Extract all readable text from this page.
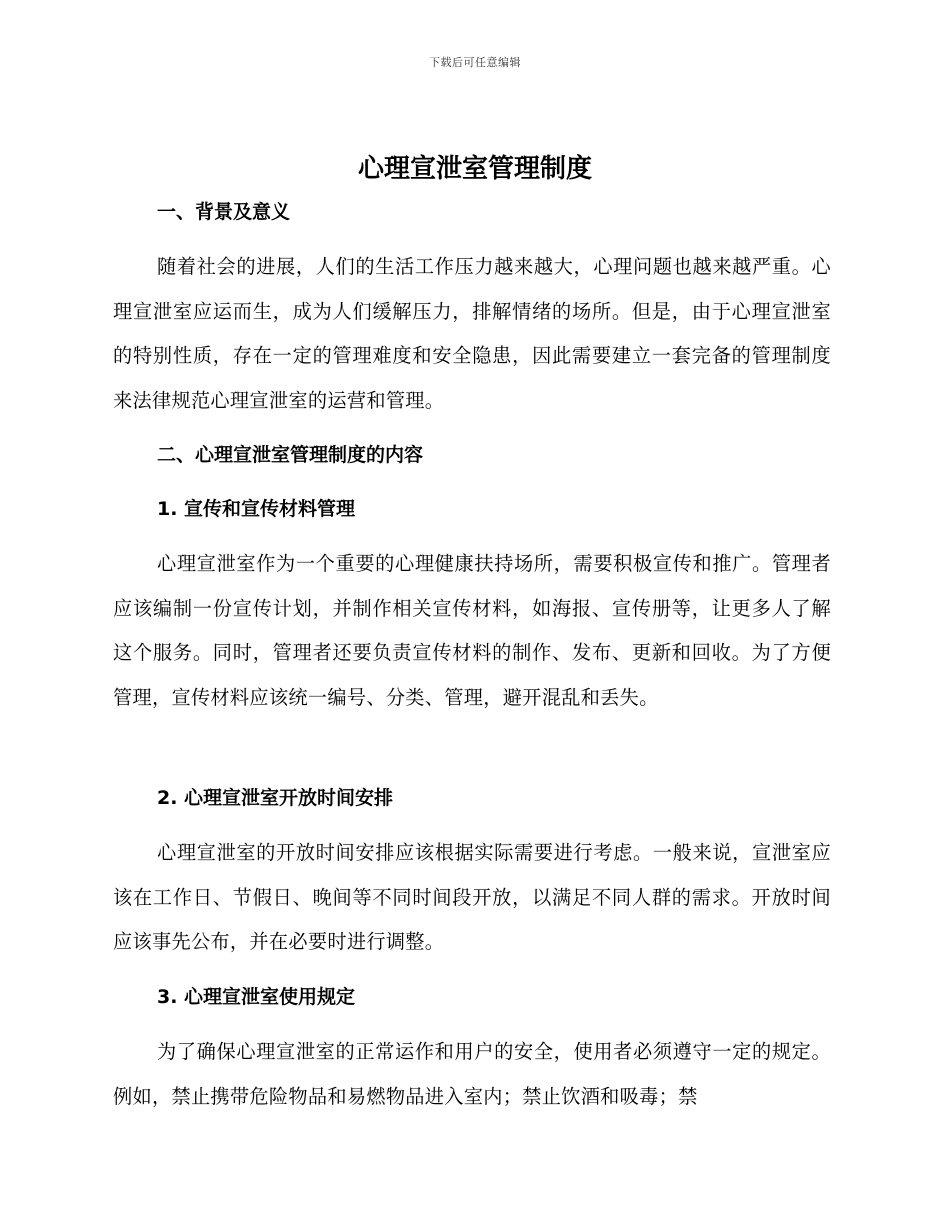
下载后可任意编辑
心理宣泄室管理制度
一、背景及意义
随着社会的进展，人们的生活工作压力越来越大，心理问题也越来越严重。心理宣泄室应运而生，成为人们缓解压力，排解情绪的场所。但是，由于心理宣泄室的特别性质，存在一定的管理难度和安全隐患，因此需要建立一套完备的管理制度来法律规范心理宣泄室的运营和管理。
二、心理宣泄室管理制度的内容
1. 宣传和宣传材料管理
心理宣泄室作为一个重要的心理健康扶持场所，需要积极宣传和推广。管理者应该编制一份宣传计划，并制作相关宣传材料，如海报、宣传册等，让更多人了解这个服务。同时，管理者还要负责宣传材料的制作、发布、更新和回收。为了方便管理，宣传材料应该统一编号、分类、管理，避开混乱和丢失。
2. 心理宣泄室开放时间安排
心理宣泄室的开放时间安排应该根据实际需要进行考虑。一般来说，宣泄室应该在工作日、节假日、晚间等不同时间段开放，以满足不同人群的需求。开放时间应该事先公布，并在必要时进行调整。
3. 心理宣泄室使用规定
为了确保心理宣泄室的正常运作和用户的安全，使用者必须遵守一定的规定。例如，禁止携带危险物品和易燃物品进入室内；禁止饮酒和吸毒；禁
